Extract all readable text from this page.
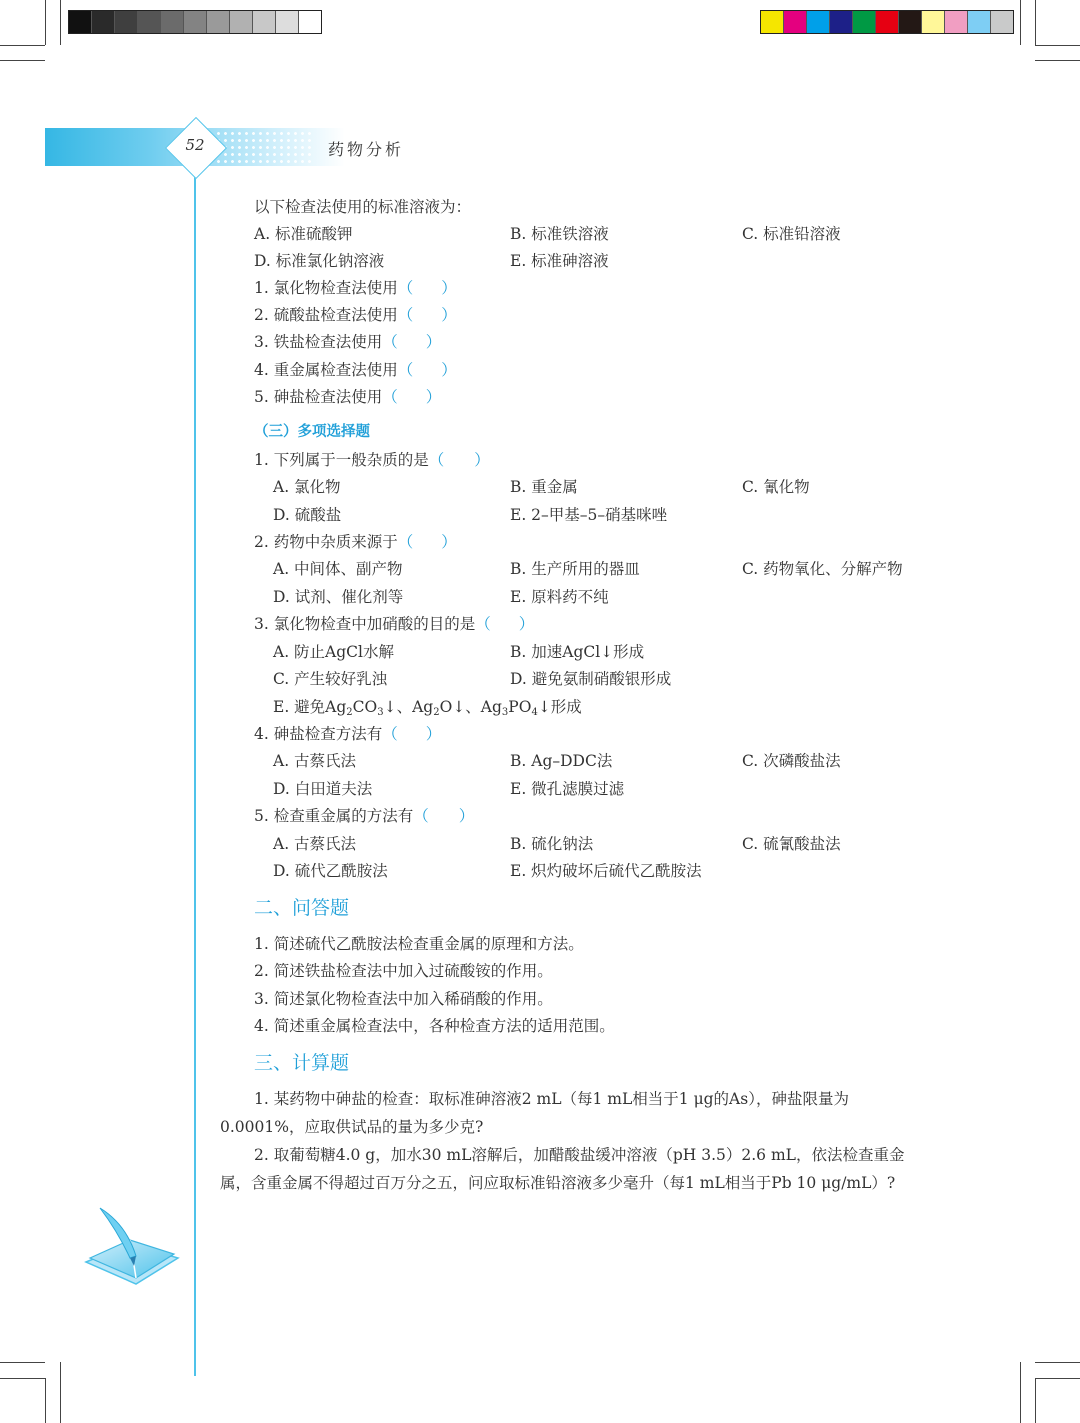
52	药物分析
以下检查法使用的标准溶液为：
A. 标准硫酸钾	B. 标准铁溶液	C. 标准铅溶液
D. 标准氯化钠溶液	E. 标准砷溶液
1. 氯化物检查法使用（ ）
2. 硫酸盐检查法使用（ ）
3. 铁盐检查法使用（ ）
4. 重金属检查法使用（ ）
5. 砷盐检查法使用（ ）
（三）多项选择题
1. 下列属于一般杂质的是（ ）
A. 氯化物	B. 重金属	C. 氰化物
D. 硫酸盐	E. 2–甲基–5–硝基咪唑
2. 药物中杂质来源于（ ）
A. 中间体、副产物	B. 生产所用的器皿	C. 药物氧化、分解产物
D. 试剂、催化剂等	E. 原料药不纯
3. 氯化物检查中加硝酸的目的是（ ）
A. 防止AgCl水解	B. 加速AgCl↓形成
C. 产生较好乳浊	D. 避免氨制硝酸银形成
E. 避免$Ag_2CO_3↓$、$Ag_2O↓$、$Ag_3PO_4↓$形成
4. 砷盐检查方法有（ ）
A. 古蔡氏法	B. Ag–DDC法	C. 次磷酸盐法
D. 白田道夫法	E. 微孔滤膜过滤
5. 检查重金属的方法有（ ）
A. 古蔡氏法	B. 硫化钠法	C. 硫氰酸盐法
D. 硫代乙酰胺法	E. 炽灼破坏后硫代乙酰胺法
二、问答题
1. 简述硫代乙酰胺法检查重金属的原理和方法。
2. 简述铁盐检查法中加入过硫酸铵的作用。
3. 简述氯化物检查法中加入稀硝酸的作用。
4. 简述重金属检查法中，各种检查方法的适用范围。
三、计算题
1. 某药物中砷盐的检查：取标准砷溶液2 mL（每1 mL相当于1 μg的As），砷盐限量为0.0001%，应取供试品的量为多少克?
2. 取葡萄糖4.0 g，加水30 mL溶解后，加醋酸盐缓冲溶液（pH 3.5）2.6 mL，依法检查重金属，含重金属不得超过百万分之五，问应取标准铅溶液多少毫升（每1 mL相当于Pb 10 μg/mL）?
